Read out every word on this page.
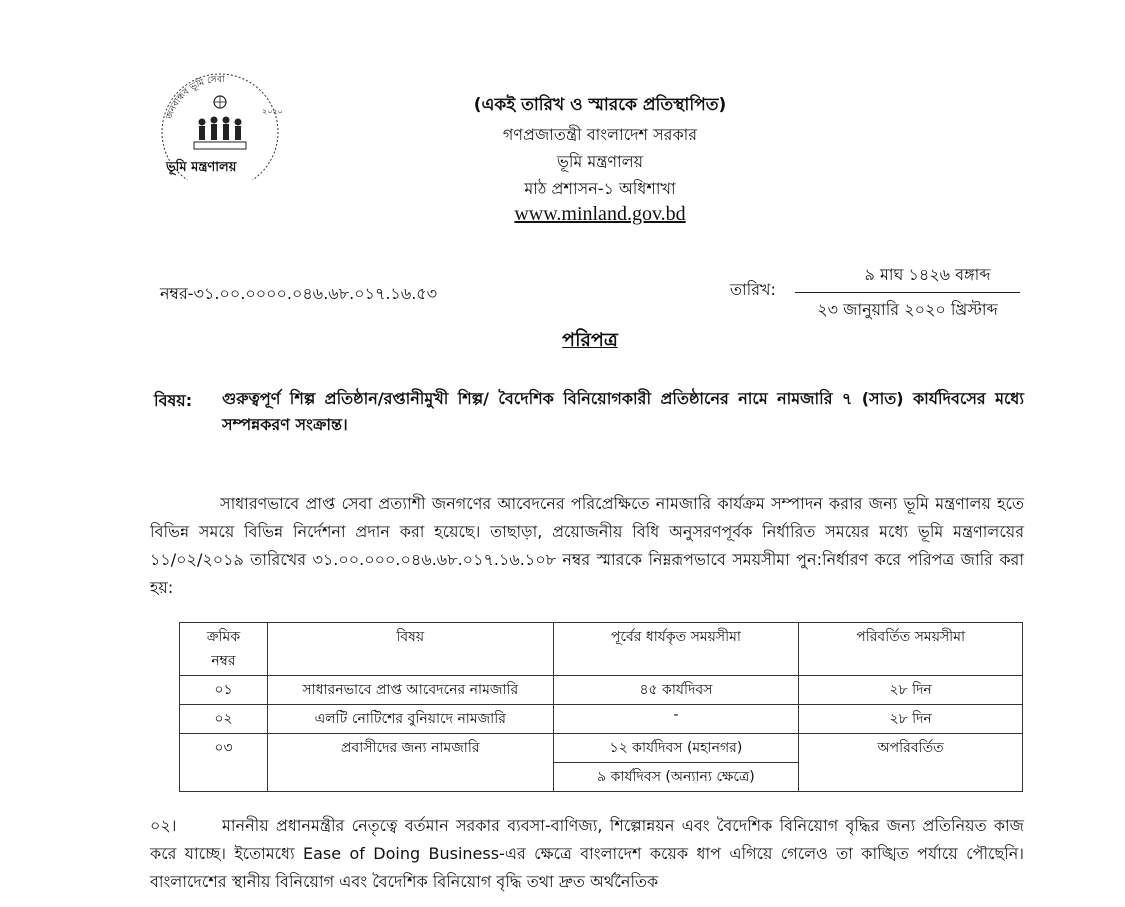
জনবান্ধব ভূমি সেবা
২০২০
ভূমি মন্ত্রণালয়
(একই তারিখ ও স্মারকে প্রতিস্থাপিত)
গণপ্রজাতন্ত্রী বাংলাদেশ সরকার
ভূমি মন্ত্রণালয়
মাঠ প্রশাসন-১ অধিশাখা
www.minland.gov.bd
নম্বর-৩১.০০.০০০০.০৪৬.৬৮.০১৭.১৬.৫৩	তারিখ:
৯ মাঘ ১৪২৬ বঙ্গাব্দ
২৩ জানুয়ারি ২০২০ খ্রিস্টাব্দ
পরিপত্র
বিষয়: গুরুত্বপূর্ণ শিল্প প্রতিষ্ঠান/রপ্তানীমুখী শিল্প/ বৈদেশিক বিনিয়োগকারী প্রতিষ্ঠানের নামে নামজারি ৭ (সাত) কার্যদিবসের মধ্যে সম্পন্নকরণ সংক্রান্ত।
সাধারণভাবে প্রাপ্ত সেবা প্রত্যাশী জনগণের আবেদনের পরিপ্রেক্ষিতে নামজারি কার্যক্রম সম্পাদন করার জন্য ভূমি মন্ত্রণালয় হতে বিভিন্ন সময়ে বিভিন্ন নির্দেশনা প্রদান করা হয়েছে। তাছাড়া, প্রয়োজনীয় বিধি অনুসরণপূর্বক নির্ধারিত সময়ের মধ্যে ভূমি মন্ত্রণালয়ের ১১/০২/২০১৯ তারিখের ৩১.০০.০০০.০৪৬.৬৮.০১৭.১৬.১০৮ নম্বর স্মারকে নিম্নরূপভাবে সময়সীমা পুন:নির্ধারণ করে পরিপত্র জারি করা হয়:
ক্রমিক নম্বর	বিষয়	পূর্বের ধার্যকৃত সময়সীমা	পরিবর্তিত সময়সীমা
০১	সাধারনভাবে প্রাপ্ত আবেদনের নামজারি	৪৫ কার্যদিবস	২৮ দিন
০২	এলটি নোটিশের বুনিয়াদে নামজারি	-	২৮ দিন
০৩	প্রবাসীদের জন্য নামজারি	১২ কার্যদিবস (মহানগর)	অপরিবর্তিত
		৯ কার্যদিবস (অন্যান্য ক্ষেত্রে)	
০২।	মাননীয় প্রধানমন্ত্রীর নেতৃত্বে বর্তমান সরকার ব্যবসা-বাণিজ্য, শিল্পোন্নয়ন এবং বৈদেশিক বিনিয়োগ বৃদ্ধির জন্য প্রতিনিয়ত কাজ করে যাচ্ছে। ইতোমধ্যে Ease of Doing Business-এর ক্ষেত্রে বাংলাদেশ কয়েক ধাপ এগিয়ে গেলেও তা কাঙ্খিত পর্যায়ে পৌছেনি। বাংলাদেশের স্থানীয় বিনিয়োগ এবং বৈদেশিক বিনিয়োগ বৃদ্ধি তথা দ্রুত অর্থনৈতিক
